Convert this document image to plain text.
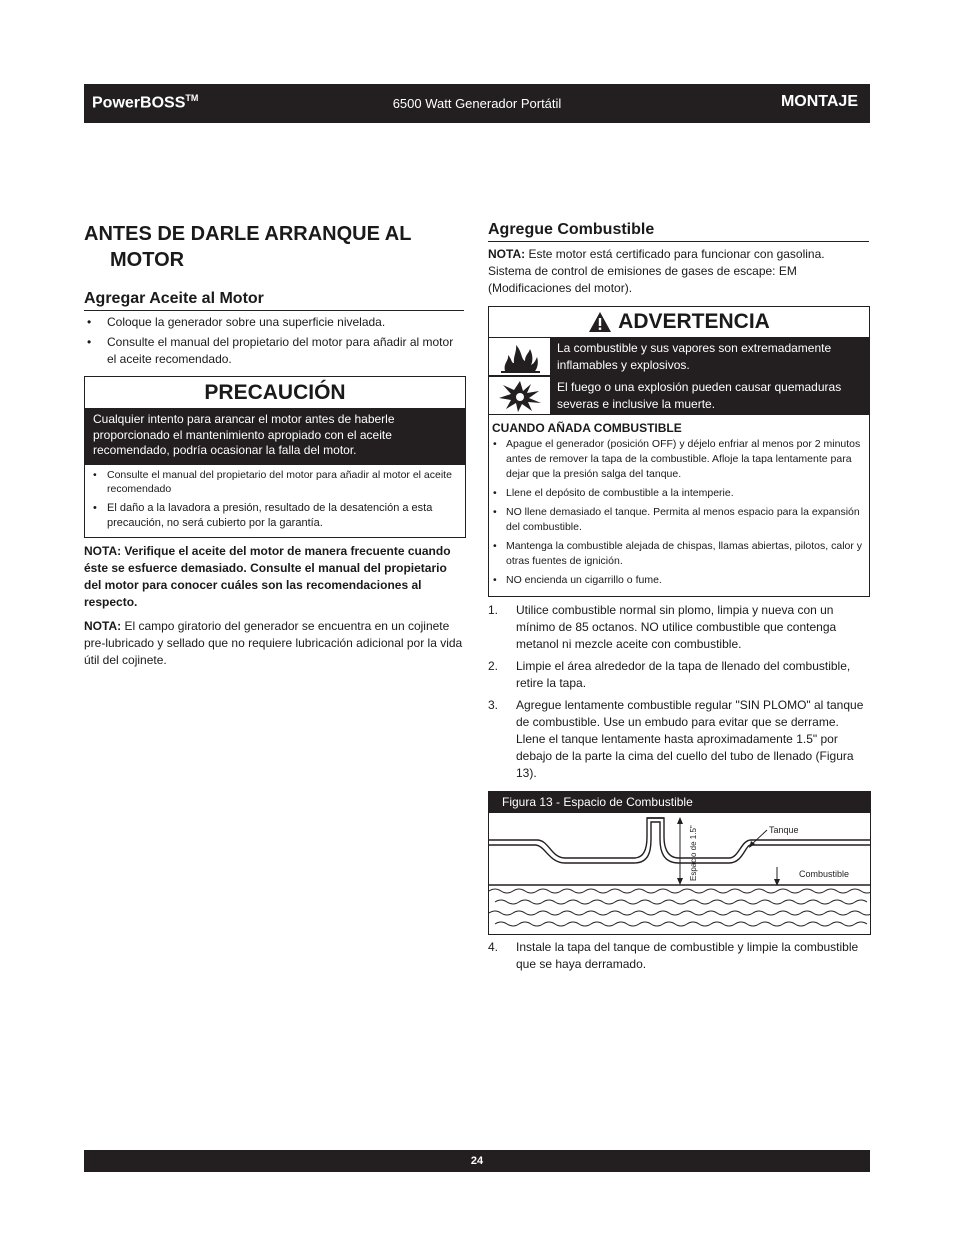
PowerBOSS™	6500 Watt Generador Portátil	MONTAJE
ANTES DE DARLE ARRANQUE AL
MOTOR
Agregar Aceite al Motor
• Coloque la generador sobre una superficie nivelada.
• Consulte el manual del propietario del motor para añadir al motor el aceite recomendado.
PRECAUCIÓN
Cualquier intento para arancar el motor antes de haberle proporcionado el mantenimiento apropiado con el aceite recomendado, podría ocasionar la falla del motor.
• Consulte el manual del propietario del motor para añadir al motor el aceite recomendado
• El daño a la lavadora a presión, resultado de la desatención a esta precaución, no será cubierto por la garantía.
NOTA: Verifique el aceite del motor de manera frecuente cuando éste se esfuerce demasiado. Consulte el manual del propietario del motor para conocer cuáles son las recomendaciones al respecto.
NOTA: El campo giratorio del generador se encuentra en un cojinete pre-lubricado y sellado que no requiere lubricación adicional por la vida útil del cojinete.
Agregue Combustible
NOTA: Este motor está certificado para funcionar con gasolina. Sistema de control de emisiones de gases de escape: EM (Modificaciones del motor).
ADVERTENCIA
La combustible y sus vapores son extremadamente inflamables y explosivos.
El fuego o una explosión pueden causar quemaduras severas e inclusive la muerte.
CUANDO AÑADA COMBUSTIBLE
• Apague el generador (posición OFF) y déjelo enfriar al menos por 2 minutos antes de remover la tapa de la combustible. Afloje la tapa lentamente para dejar que la presión salga del tanque.
• Llene el depósito de combustible a la intemperie.
• NO llene demasiado el tanque. Permita al menos espacio para la expansión del combustible.
• Mantenga la combustible alejada de chispas, llamas abiertas, pilotos, calor y otras fuentes de ignición.
• NO encienda un cigarrillo o fume.
1. Utilice combustible normal sin plomo, limpia y nueva con un mínimo de 85 octanos. NO utilice combustible que contenga metanol ni mezcle aceite con combustible.
2. Limpie el área alrededor de la tapa de llenado del combustible, retire la tapa.
3. Agregue lentamente combustible regular "SIN PLOMO" al tanque de combustible. Use un embudo para evitar que se derrame. Llene el tanque lentamente hasta aproximadamente 1.5" por debajo de la parte la cima del cuello del tubo de llenado (Figura 13).
Figura 13 - Espacio de Combustible
Espacio de 1.5"	Tanque
Combustible
4. Instale la tapa del tanque de combustible y limpie la combustible que se haya derramado.
24
